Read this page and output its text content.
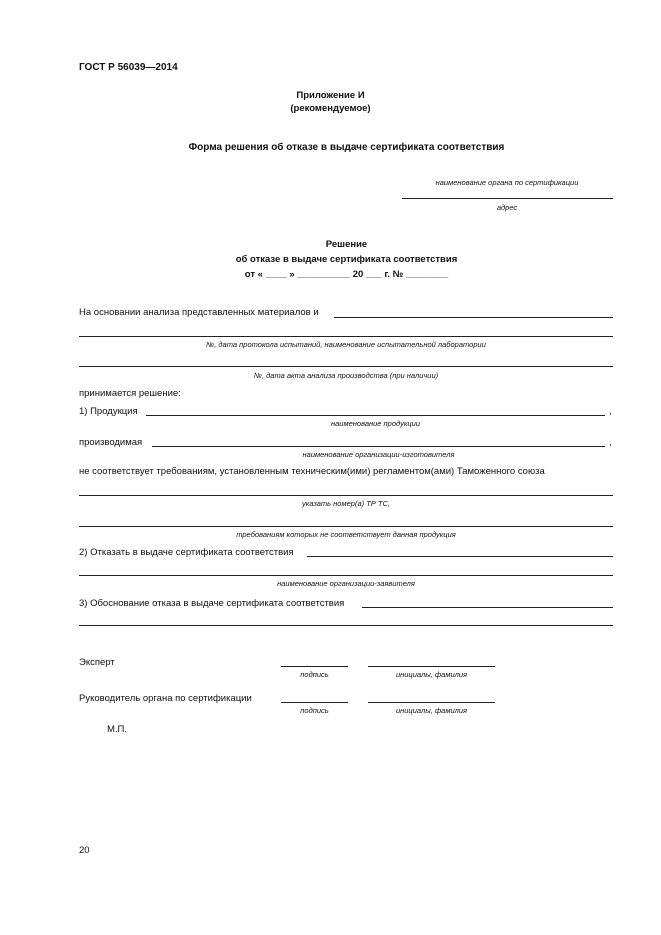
ГОСТ Р 56039—2014
Приложение И
(рекомендуемое)
Форма решения об отказе в выдаче сертификата соответствия
наименование органа по сертификации
адрес
Решение
об отказе в выдаче сертификата соответствия
от « ____ » __________ 20 ___ г. № ________
На основании анализа представленных материалов и
№, дата протокола испытаний, наименование испытательной лаборатории
№, дата акта анализа производства (при наличии)
принимается решение:
1) Продукция	,
наименование продукции
производимая	,
наименование организации-изготовителя
не соответствует требованиям, установленным техническим(ими) регламентом(ами) Таможенного союза
указать номер(а) ТР ТС,
требованиям которых не соответствует данная продукция
2) Отказать в выдаче сертификата соответствия
наименование организации-заявителя
3) Обоснование отказа в выдаче сертификата соответствия
Эксперт
подпись	инициалы, фамилия
Руководитель органа по сертификации
подпись	инициалы, фамилия
М.П.
20
